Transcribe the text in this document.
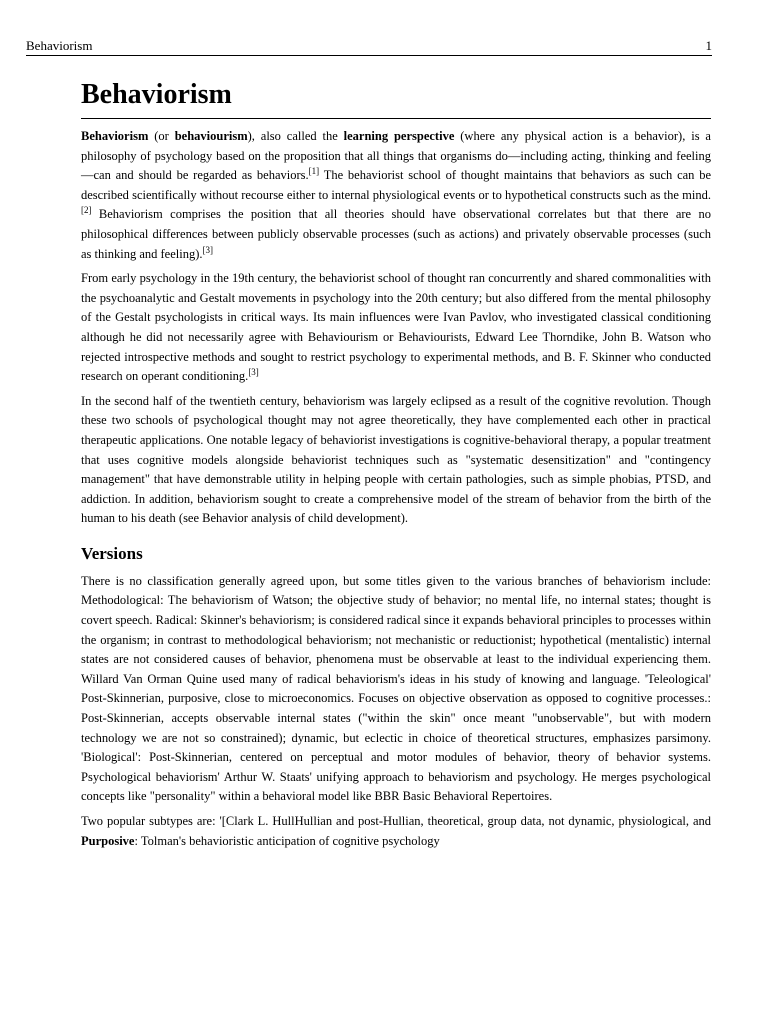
Behaviorism	1
Behaviorism

Behaviorism (or behaviourism), also called the learning perspective (where any physical action is a behavior), is a philosophy of psychology based on the proposition that all things that organisms do—including acting, thinking and feeling—can and should be regarded as behaviors.[1] The behaviorist school of thought maintains that behaviors as such can be described scientifically without recourse either to internal physiological events or to hypothetical constructs such as the mind.[2] Behaviorism comprises the position that all theories should have observational correlates but that there are no philosophical differences between publicly observable processes (such as actions) and privately observable processes (such as thinking and feeling).[3]

From early psychology in the 19th century, the behaviorist school of thought ran concurrently and shared commonalities with the psychoanalytic and Gestalt movements in psychology into the 20th century; but also differed from the mental philosophy of the Gestalt psychologists in critical ways. Its main influences were Ivan Pavlov, who investigated classical conditioning although he did not necessarily agree with Behaviourism or Behaviourists, Edward Lee Thorndike, John B. Watson who rejected introspective methods and sought to restrict psychology to experimental methods, and B. F. Skinner who conducted research on operant conditioning.[3]

In the second half of the twentieth century, behaviorism was largely eclipsed as a result of the cognitive revolution. Though these two schools of psychological thought may not agree theoretically, they have complemented each other in practical therapeutic applications. One notable legacy of behaviorist investigations is cognitive-behavioral therapy, a popular treatment that uses cognitive models alongside behaviorist techniques such as "systematic desensitization" and "contingency management" that have demonstrable utility in helping people with certain pathologies, such as simple phobias, PTSD, and addiction. In addition, behaviorism sought to create a comprehensive model of the stream of behavior from the birth of the human to his death (see Behavior analysis of child development).

Versions

There is no classification generally agreed upon, but some titles given to the various branches of behaviorism include: Methodological: The behaviorism of Watson; the objective study of behavior; no mental life, no internal states; thought is covert speech. Radical: Skinner's behaviorism; is considered radical since it expands behavioral principles to processes within the organism; in contrast to methodological behaviorism; not mechanistic or reductionist; hypothetical (mentalistic) internal states are not considered causes of behavior, phenomena must be observable at least to the individual experiencing them. Willard Van Orman Quine used many of radical behaviorism's ideas in his study of knowing and language. 'Teleological' Post-Skinnerian, purposive, close to microeconomics. Focuses on objective observation as opposed to cognitive processes.: Post-Skinnerian, accepts observable internal states ("within the skin" once meant "unobservable", but with modern technology we are not so constrained); dynamic, but eclectic in choice of theoretical structures, emphasizes parsimony. 'Biological': Post-Skinnerian, centered on perceptual and motor modules of behavior, theory of behavior systems. Psychological behaviorism' Arthur W. Staats' unifying approach to behaviorism and psychology. He merges psychological concepts like "personality" within a behavioral model like BBR Basic Behavioral Repertoires.

Two popular subtypes are: '[Clark L. HullHullian and post-Hullian, theoretical, group data, not dynamic, physiological, and Purposive: Tolman's behavioristic anticipation of cognitive psychology
